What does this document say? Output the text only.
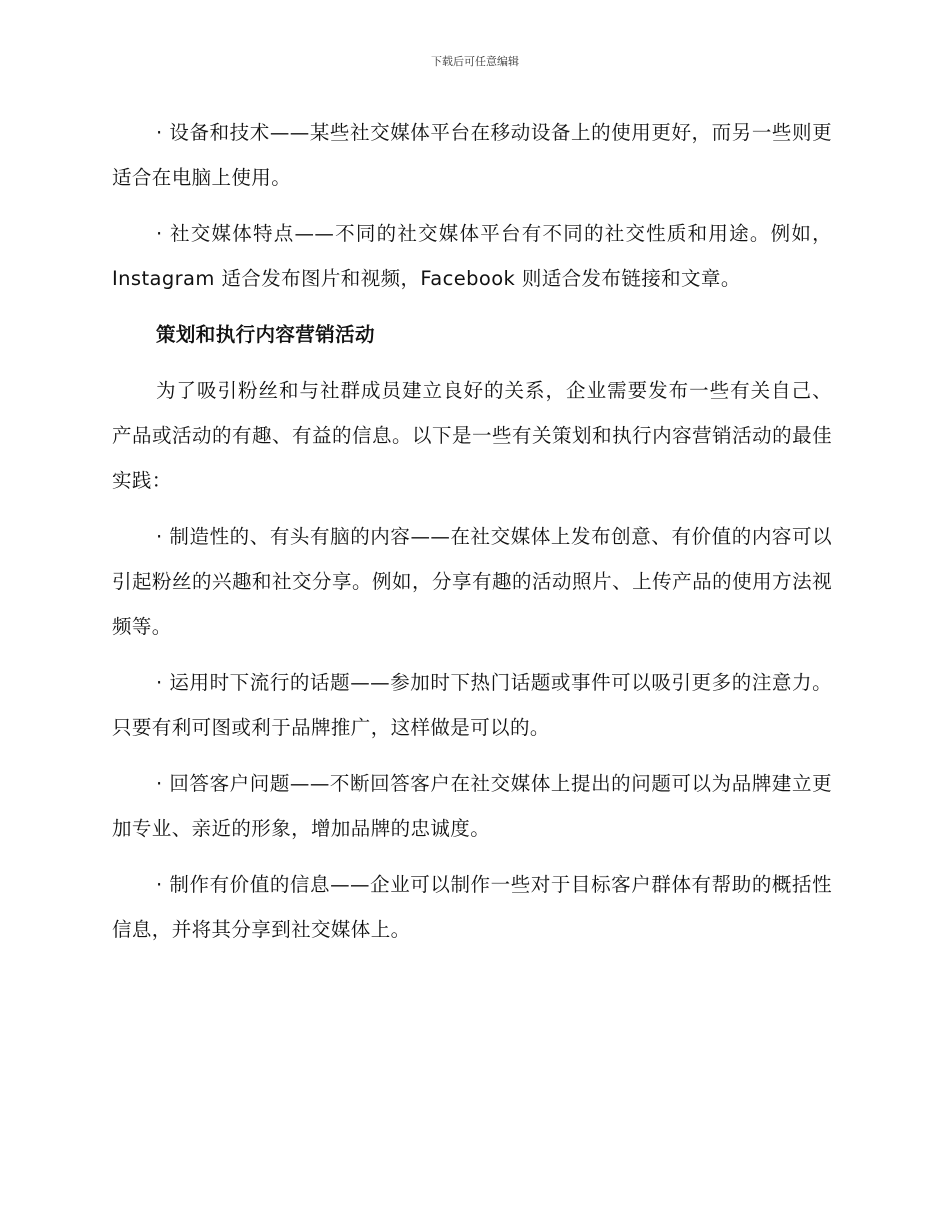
下载后可任意编辑

· 设备和技术——某些社交媒体平台在移动设备上的使用更好，而另一些则更适合在电脑上使用。

· 社交媒体特点——不同的社交媒体平台有不同的社交性质和用途。例如，Instagram 适合发布图片和视频，Facebook 则适合发布链接和文章。

策划和执行内容营销活动

为了吸引粉丝和与社群成员建立良好的关系，企业需要发布一些有关自己、产品或活动的有趣、有益的信息。以下是一些有关策划和执行内容营销活动的最佳实践：

· 制造性的、有头有脑的内容——在社交媒体上发布创意、有价值的内容可以引起粉丝的兴趣和社交分享。例如，分享有趣的活动照片、上传产品的使用方法视频等。

· 运用时下流行的话题——参加时下热门话题或事件可以吸引更多的注意力。只要有利可图或利于品牌推广，这样做是可以的。

· 回答客户问题——不断回答客户在社交媒体上提出的问题可以为品牌建立更加专业、亲近的形象，增加品牌的忠诚度。

· 制作有价值的信息——企业可以制作一些对于目标客户群体有帮助的概括性信息，并将其分享到社交媒体上。
